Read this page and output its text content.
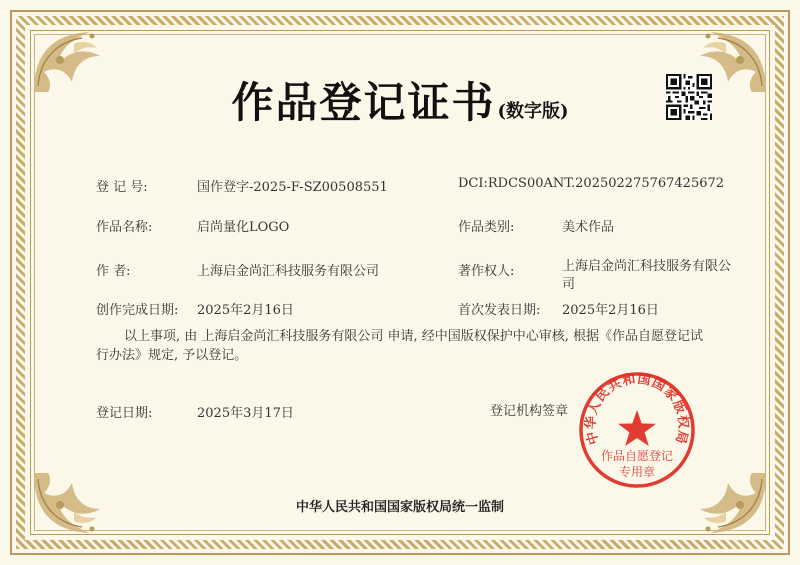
作品登记证书 (数字版)
登 记 号:	国作登字-2025-F-SZ00508551	DCI:RDCS00ANT.202502275767425672
作品名称:	启尚量化LOGO	作品类别:	美术作品
作 者:	上海启金尚汇科技服务有限公司	著作权人:	上海启金尚汇科技服务有限公司
创作完成日期: 2025年2月16日	首次发表日期: 2025年2月16日
以上事项, 由 上海启金尚汇科技服务有限公司 申请, 经中国版权保护中心审核, 根据《作品自愿登记试行办法》规定, 予以登记。
登记日期:	2025年3月17日	登记机构签章
中华人民共和国国家版权局
作品自愿登记
专用章
中华人民共和国国家版权局统一监制
